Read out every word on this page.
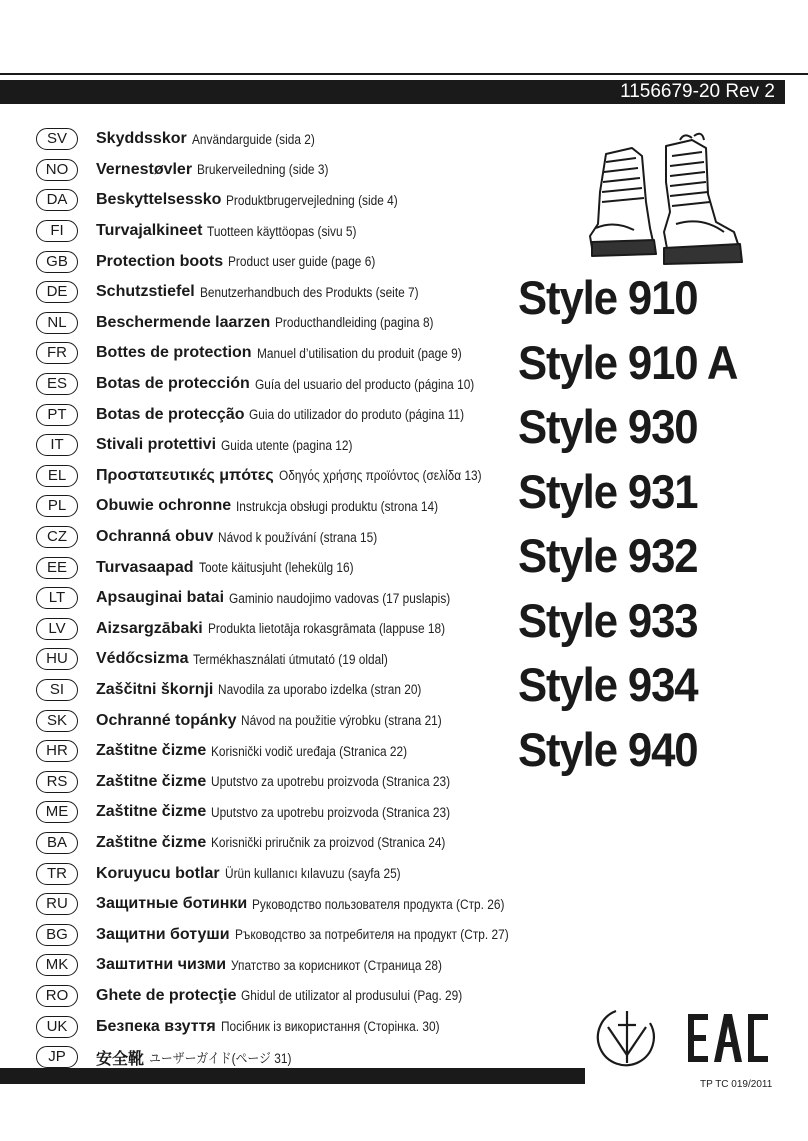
1156679-20 Rev 2
SV	Skyddsskor Användarguide (sida 2)
NO	Vernestøvler Brukerveiledning (side 3)
DA	Beskyttelsessko Produktbrugervejledning (side 4)
FI	Turvajalkineet Tuotteen käyttöopas (sivu 5)
GB	Protection boots Product user guide (page 6)
DE	Schutzstiefel Benutzerhandbuch des Produkts (seite 7)
NL	Beschermende laarzen Producthandleiding (pagina 8)
FR	Bottes de protection Manuel d’utilisation du produit (page 9)
ES	Botas de protección Guía del usuario del producto (página 10)
PT	Botas de protecção Guia do utilizador do produto (página 11)
IT	Stivali protettivi Guida utente (pagina 12)
EL	Προστατευτικές μπότες Οδηγός χρήσης προϊόντος (σελίδα 13)
PL	Obuwie ochronne Instrukcja obsługi produktu (strona 14)
CZ	Ochranná obuv Návod k používání (strana 15)
EE	Turvasaapad Toote käitusjuht (lehekülg 16)
LT	Apsauginai batai Gaminio naudojimo vadovas (17 puslapis)
LV	Aizsargzābaki Produkta lietotāja rokasgrāmata (lappuse 18)
HU	Védőcsizma Termékhasználati útmutató (19 oldal)
SI	Zaščitni škornji Navodila za uporabo izdelka (stran 20)
SK	Ochranné topánky Návod na použitie výrobku (strana 21)
HR	Zaštitne čizme Korisnički vodič uređaja (Stranica 22)
RS	Zaštitne čizme Uputstvo za upotrebu proizvoda (Stranica 23)
ME	Zaštitne čizme Uputstvo za upotrebu proizvoda (Stranica 23)
BA	Zaštitne čizme Korisnički priručnik za proizvod (Stranica 24)
TR	Koruyucu botlar Ürün kullanıcı kılavuzu (sayfa 25)
RU	Защитные ботинки Руководство пользователя продукта (Стр. 26)
BG	Защитни ботуши Ръководство за потребителя на продукт (Стр. 27)
MK	Заштитни чизми Упатство за корисникот (Страница 28)
RO	Ghete de protecţie Ghidul de utilizator al produsului (Pag. 29)
UK	Безпека взуття Посібник із використання (Сторінка. 30)
JP	安全靴 ユーザーガイド(ページ 31)
Style 910
Style 910 A
Style 930
Style 931
Style 932
Style 933
Style 934
Style 940
TP TC 019/2011
